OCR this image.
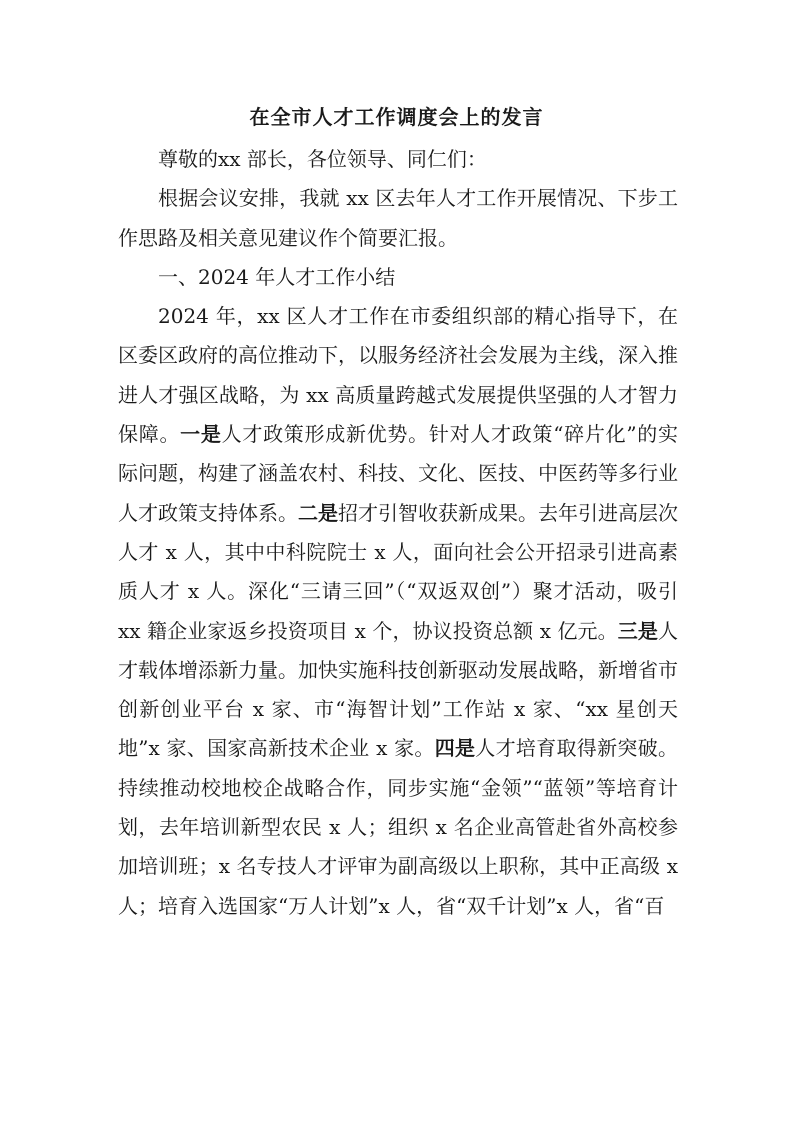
在全市人才工作调度会上的发言

尊敬的xx 部长，各位领导、同仁们：

根据会议安排，我就 xx 区去年人才工作开展情况、下步工作思路及相关意见建议作个简要汇报。

一、2024 年人才工作小结

2024 年，xx 区人才工作在市委组织部的精心指导下，在区委区政府的高位推动下，以服务经济社会发展为主线，深入推进人才强区战略，为 xx 高质量跨越式发展提供坚强的人才智力保障。一是人才政策形成新优势。针对人才政策“碎片化”的实际问题，构建了涵盖农村、科技、文化、医技、中医药等多行业人才政策支持体系。二是招才引智收获新成果。去年引进高层次人才 x 人，其中中科院院士 x 人，面向社会公开招录引进高素质人才 x 人。深化“三请三回”（“双返双创”）聚才活动，吸引 xx 籍企业家返乡投资项目 x 个，协议投资总额 x 亿元。三是人才载体增添新力量。加快实施科技创新驱动发展战略，新增省市创新创业平台 x 家、市“海智计划”工作站 x 家、“xx 星创天地”x 家、国家高新技术企业 x 家。四是人才培育取得新突破。持续推动校地校企战略合作，同步实施“金领”“蓝领”等培育计划，去年培训新型农民 x 人；组织 x 名企业高管赴省外高校参加培训班；x 名专技人才评审为副高级以上职称，其中正高级 x 人；培育入选国家“万人计划”x 人，省“双千计划”x 人，省“百
